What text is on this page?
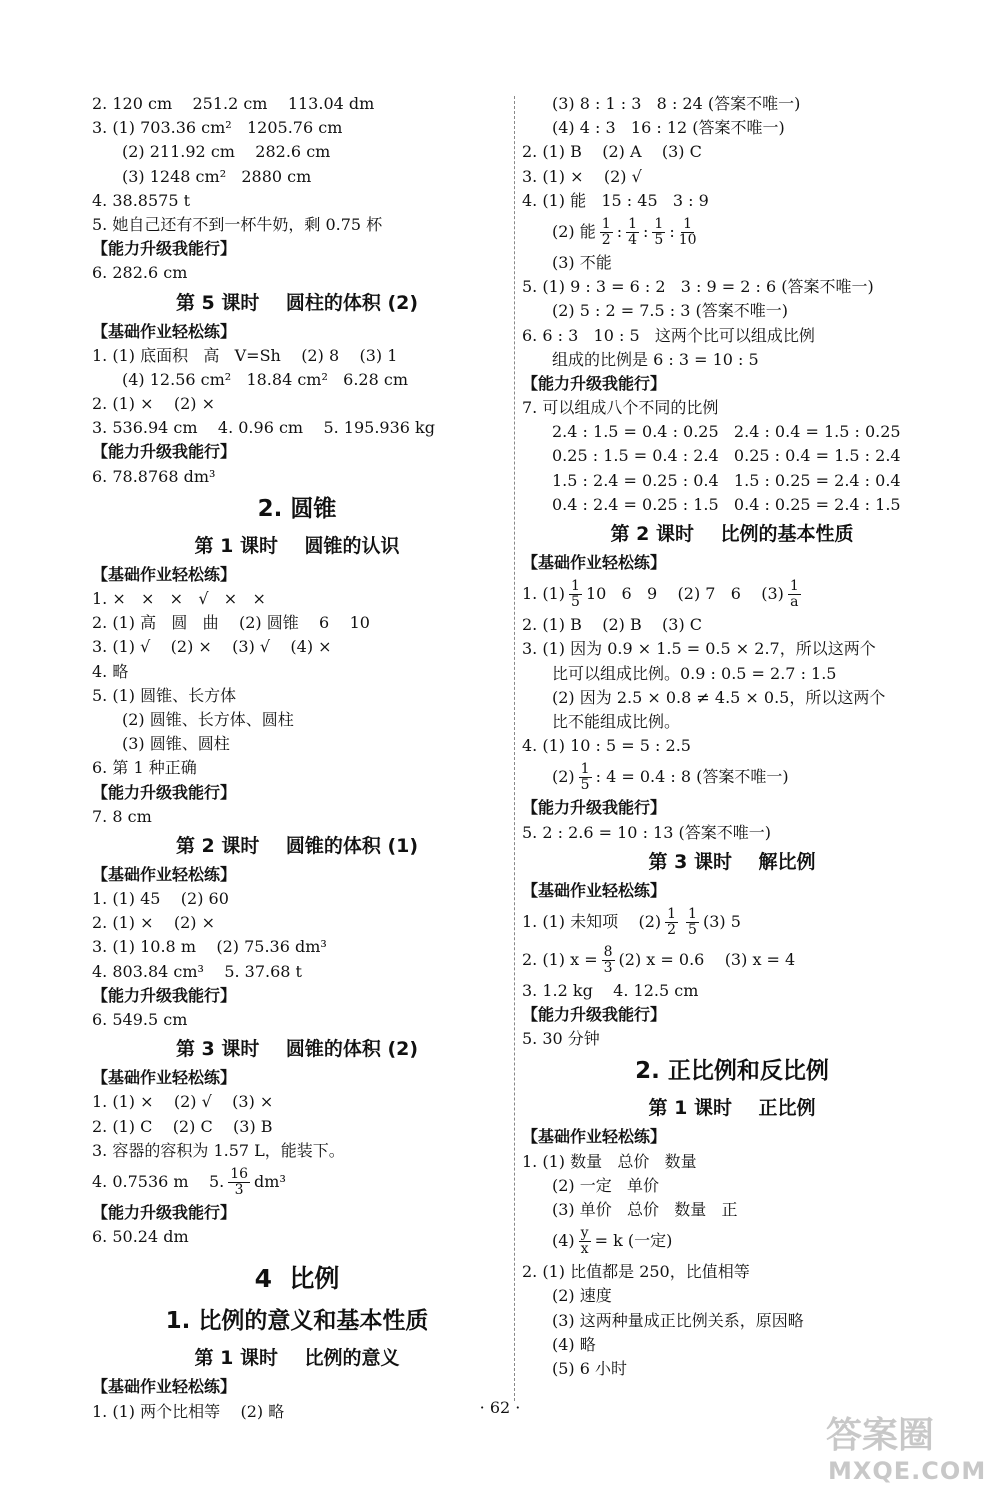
2. 120 cm    251.2 cm    113.04 dm
3. (1) 703.36 cm²   1205.76 cm
(2) 211.92 cm    282.6 cm
(3) 1248 cm²   2880 cm
4. 38.8575 t
5. 她自己还有不到一杯牛奶，剩 0.75 杯
【能力升级我能行】
6. 282.6 cm
第 5 课时    圆柱的体积 (2)
【基础作业轻松练】
1. (1) 底面积   高   V=Sh    (2) 8    (3) 1
(4) 12.56 cm²   18.84 cm²   6.28 cm
2. (1) ×    (2) ×
3. 536.94 cm    4. 0.96 cm    5. 195.936 kg
【能力升级我能行】
6. 78.8768 dm³
2. 圆锥
第 1 课时    圆锥的认识
【基础作业轻松练】
1. ×   ×   ×   √   ×   ×
2. (1) 高   圆   曲    (2) 圆锥    6    10
3. (1) √    (2) ×    (3) √    (4) ×
4. 略
5. (1) 圆锥、长方体
(2) 圆锥、长方体、圆柱
(3) 圆锥、圆柱
6. 第 1 种正确
【能力升级我能行】
7. 8 cm
第 2 课时    圆锥的体积 (1)
【基础作业轻松练】
1. (1) 45    (2) 60
2. (1) ×    (2) ×
3. (1) 10.8 m    (2) 75.36 dm³
4. 803.84 cm³    5. 37.68 t
【能力升级我能行】
6. 549.5 cm
第 3 课时    圆锥的体积 (2)
【基础作业轻松练】
1. (1) ×    (2) √    (3) ×
2. (1) C    (2) C    (3) B
3. 容器的容积为 1.57 L，能装下。
4. 0.7536 m    5. $\frac{16}{3} dm^3$
【能力升级我能行】
6. 50.24 dm
4  比例
1. 比例的意义和基本性质
第 1 课时    比例的意义
【基础作业轻松练】
1. (1) 两个比相等    (2) 略
(3) 8 : 1 : 3   8 : 24 (答案不唯一)
(4) 4 : 3   16 : 12 (答案不唯一)
2. (1) B    (2) A    (3) C
3. (1) ×    (2) √
4. (1) 能   15 : 45   3 : 9
(2) 能 $\frac{1}{2}$ : $\frac{1}{4}$ : $\frac{1}{5}$ : $\frac{1}{10}$
(3) 不能
5. (1) 9 : 3 = 6 : 2   3 : 9 = 2 : 6 (答案不唯一)
(2) 5 : 2 = 7.5 : 3 (答案不唯一)
6. 6 : 3   10 : 5   这两个比可以组成比例
组成的比例是 6 : 3 = 10 : 5
【能力升级我能行】
7. 可以组成八个不同的比例
2.4 : 1.5 = 0.4 : 0.25   2.4 : 0.4 = 1.5 : 0.25
0.25 : 1.5 = 0.4 : 2.4   0.25 : 0.4 = 1.5 : 2.4
1.5 : 2.4 = 0.25 : 0.4   1.5 : 0.25 = 2.4 : 0.4
0.4 : 2.4 = 0.25 : 1.5   0.4 : 0.25 = 2.4 : 1.5
第 2 课时    比例的基本性质
【基础作业轻松练】
1. $(1) \frac{1}{5} 10$   6   9    (2) 7   6    $(3) \frac{1}{a}$
2. (1) B    (2) B    (3) C
3. (1) 因为 0.9 × 1.5 = 0.5 × 2.7，所以这两个
比可以组成比例。0.9 : 0.5 = 2.7 : 1.5
(2) 因为 2.5 × 0.8 ≠ 4.5 × 0.5，所以这两个
比不能组成比例。
4. (1) 10 : 5 = 5 : 2.5
$(2) \frac{1}{5}$ : 4 = 0.4 : 8 (答案不唯一)
【能力升级我能行】
5. 2 : 2.6 = 10 : 13 (答案不唯一)
第 3 课时    解比例
【基础作业轻松练】
1. (1) 未知项    $(2) \frac{1}{2} \frac{1}{5} (3)$ 5
2. (1) $x = \frac{8}{3} (2) x = 0.6$    (3) x = 4
3. 1.2 kg    4. 12.5 cm
【能力升级我能行】
5. 30 分钟
2. 正比例和反比例
第 1 课时    正比例
【基础作业轻松练】
1. (1) 数量   总价   数量
(2) 一定   单价
(3) 单价   总价   数量   正
$(4) \frac{y}{x} = k$ (一定)
2. (1) 比值都是 250，比值相等
(2) 速度
(3) 这两种量成正比例关系，原因略
(4) 略
(5) 6 小时
· 62 ·
答案圈
MXQE.COM
